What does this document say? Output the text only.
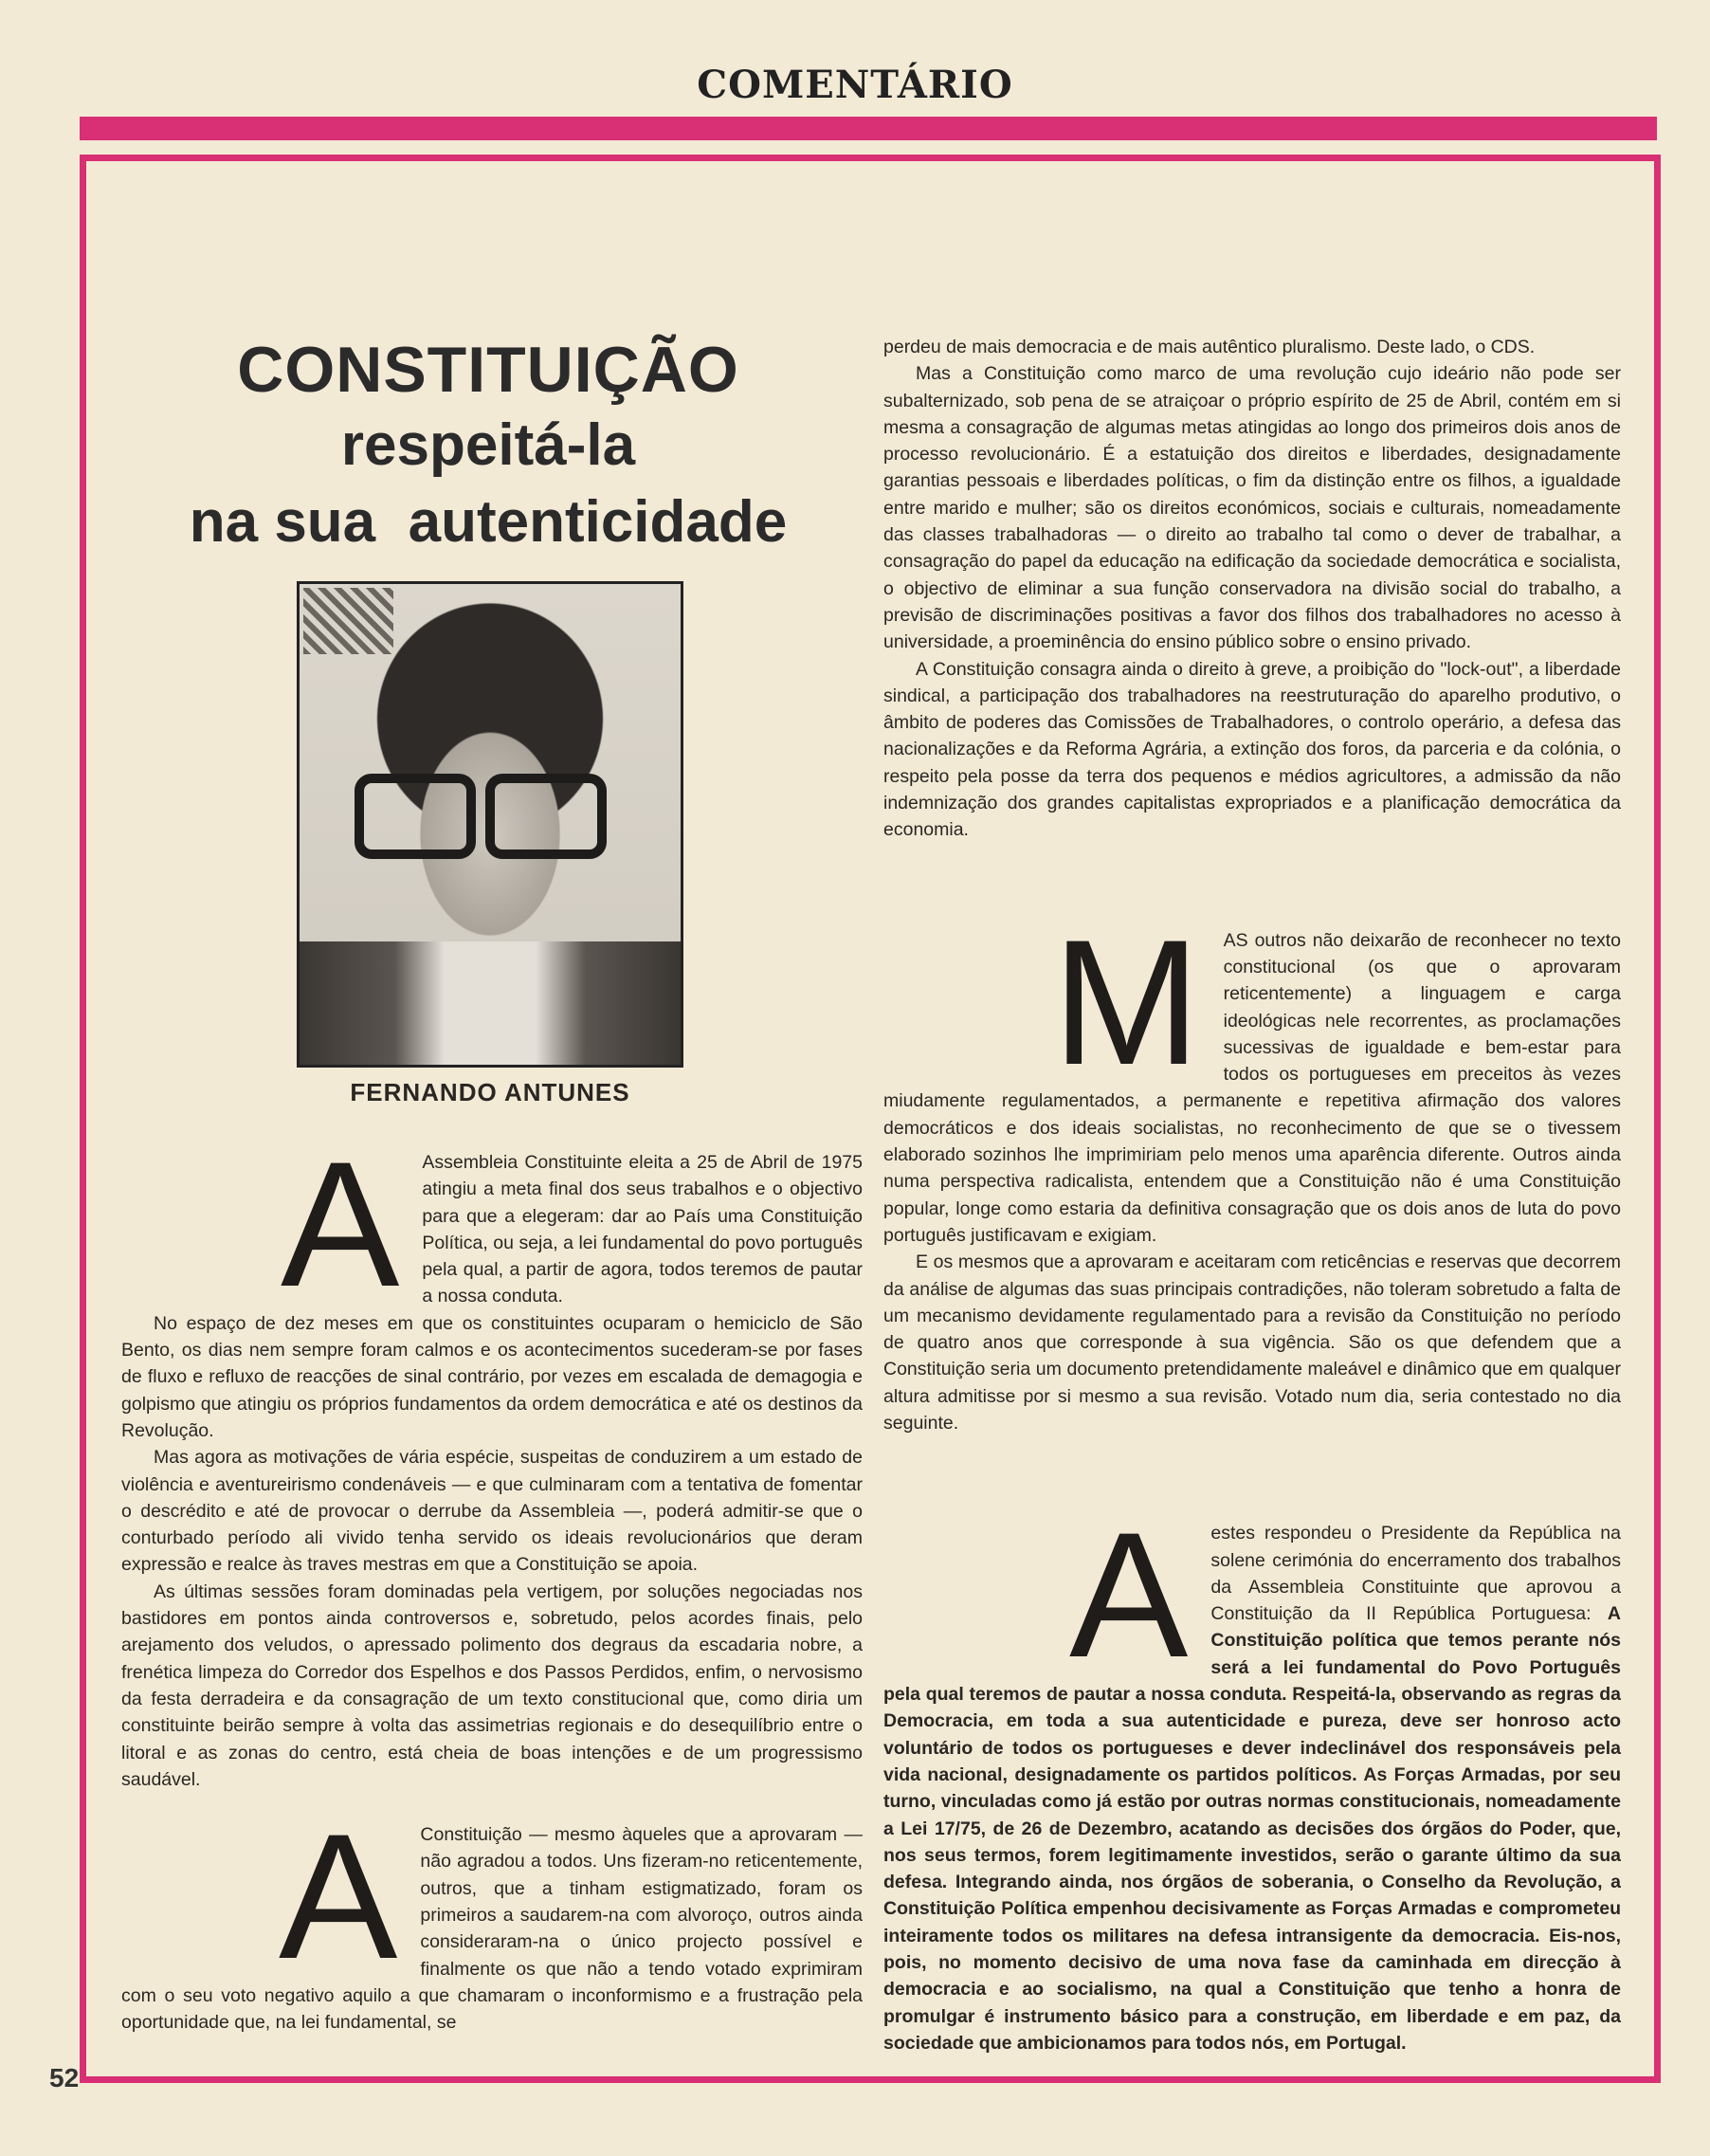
COMENTÁRIO
52
CONSTITUIÇÃO
respeitá-la
na sua  autenticidade
FERNANDO ANTUNES
A	Assembleia Constituinte eleita a 25 de Abril de 1975 atingiu a meta final dos seus trabalhos e o objectivo para que a elegeram: dar ao País uma Constituição Política, ou seja, a lei fundamental do povo português pela qual, a partir de agora, todos teremos de pautar a nossa conduta.

No espaço de dez meses em que os constituintes ocuparam o hemiciclo de São Bento, os dias nem sempre foram calmos e os acontecimentos sucederam-se por fases de fluxo e refluxo de reacções de sinal contrário, por vezes em escalada de demagogia e golpismo que atingiu os próprios fundamentos da ordem democrática e até os destinos da Revolução.

Mas agora as motivações de vária espécie, suspeitas de conduzirem a um estado de violência e aventureirismo condenáveis — e que culminaram com a tentativa de fomentar o descrédito e até de provocar o derrube da Assembleia —, poderá admitir-se que o conturbado período ali vivido tenha servido os ideais revolucionários que deram expressão e realce às traves mestras em que a Constituição se apoia.

As últimas sessões foram dominadas pela vertigem, por soluções negociadas nos bastidores em pontos ainda controversos e, sobretudo, pelos acordes finais, pelo arejamento dos veludos, o apressado polimento dos degraus da escadaria nobre, a frenética limpeza do Corredor dos Espelhos e dos Passos Perdidos, enfim, o nervosismo da festa derradeira e da consagração de um texto constitucional que, como diria um constituinte beirão sempre à volta das assimetrias regionais e do desequilíbrio entre o litoral e as zonas do centro, está cheia de boas intenções e de um progressismo saudável.

A	Constituição — mesmo àqueles que a aprovaram — não agradou a todos. Uns fizeram-no reticentemente, outros, que a tinham estigmatizado, foram os primeiros a saudarem-na com alvoroço, outros ainda consideraram-na o único projecto possível e finalmente os que não a tendo votado exprimiram com o seu voto negativo aquilo a que chamaram o inconformismo e a frustração pela oportunidade que, na lei fundamental, se

perdeu de mais democracia e de mais autêntico pluralismo. Deste lado, o CDS.

Mas a Constituição como marco de uma revolução cujo ideário não pode ser subalternizado, sob pena de se atraiçoar o próprio espírito de 25 de Abril, contém em si mesma a consagração de algumas metas atingidas ao longo dos primeiros dois anos de processo revolucionário. É a estatuição dos direitos e liberdades, designadamente garantias pessoais e liberdades políticas, o fim da distinção entre os filhos, a igualdade entre marido e mulher; são os direitos económicos, sociais e culturais, nomeadamente das classes trabalhadoras — o direito ao trabalho tal como o dever de trabalhar, a consagração do papel da educação na edificação da sociedade democrática e socialista, o objectivo de eliminar a sua função conservadora na divisão social do trabalho, a previsão de discriminações positivas a favor dos filhos dos trabalhadores no acesso à universidade, a proeminência do ensino público sobre o ensino privado.

A Constituição consagra ainda o direito à greve, a proibição do "lock-out", a liberdade sindical, a participação dos trabalhadores na reestruturação do aparelho produtivo, o âmbito de poderes das Comissões de Trabalhadores, o controlo operário, a defesa das nacionalizações e da Reforma Agrária, a extinção dos foros, da parceria e da colónia, o respeito pela posse da terra dos pequenos e médios agricultores, a admissão da não indemnização dos grandes capitalistas expropriados e a planificação democrática da economia.

M	AS outros não deixarão de reconhecer no texto constitucional (os que o aprovaram reticentemente) a linguagem e carga ideológicas nele recorrentes, as proclamações sucessivas de igualdade e bem-estar para todos os portugueses em preceitos às vezes miudamente regulamentados, a permanente e repetitiva afirmação dos valores democráticos e dos ideais socialistas, no reconhecimento de que se o tivessem elaborado sozinhos lhe imprimiriam pelo menos uma aparência diferente. Outros ainda numa perspectiva radicalista, entendem que a Constituição não é uma Constituição popular, longe como estaria da definitiva consagração que os dois anos de luta do povo português justificavam e exigiam.

E os mesmos que a aprovaram e aceitaram com reticências e reservas que decorrem da análise de algumas das suas principais contradições, não toleram sobretudo a falta de um mecanismo devidamente regulamentado para a revisão da Constituição no período de quatro anos que corresponde à sua vigência. São os que defendem que a Constituição seria um documento pretendidamente maleável e dinâmico que em qualquer altura admitisse por si mesmo a sua revisão. Votado num dia, seria contestado no dia seguinte.

A	estes respondeu o Presidente da República na solene cerimónia do encerramento dos trabalhos da Assembleia Constituinte que aprovou a Constituição da II República Portuguesa: A Constituição política que temos perante nós será a lei fundamental do Povo Português pela qual teremos de pautar a nossa conduta. Respeitá-la, observando as regras da Democracia, em toda a sua autenticidade e pureza, deve ser honroso acto voluntário de todos os portugueses e dever indeclinável dos responsáveis pela vida nacional, designadamente os partidos políticos. As Forças Armadas, por seu turno, vinculadas como já estão por outras normas constitucionais, nomeadamente a Lei 17/75, de 26 de Dezembro, acatando as decisões dos órgãos do Poder, que, nos seus termos, forem legitimamente investidos, serão o garante último da sua defesa. Integrando ainda, nos órgãos de soberania, o Conselho da Revolução, a Constituição Política empenhou decisivamente as Forças Armadas e comprometeu inteiramente todos os militares na defesa intransigente da democracia. Eis-nos, pois, no momento decisivo de uma nova fase da caminhada em direcção à democracia e ao socialismo, na qual a Constituição que tenho a honra de promulgar é instrumento básico para a construção, em liberdade e em paz, da sociedade que ambicionamos para todos nós, em Portugal.
